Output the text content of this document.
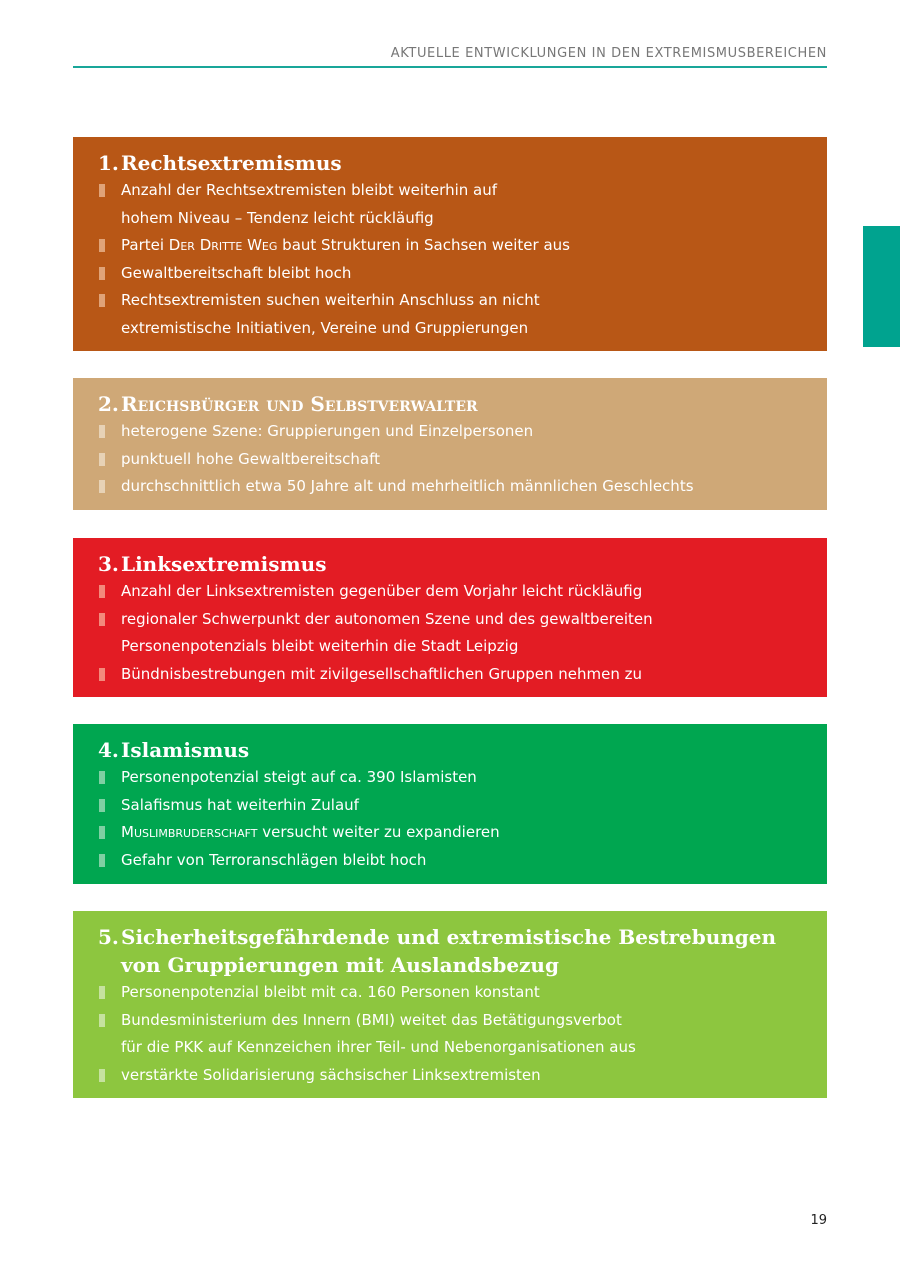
AKTUELLE ENTWICKLUNGEN IN DEN EXTREMISMUSBEREICHEN
1. Rechtsextremismus
Anzahl der Rechtsextremisten bleibt weiterhin auf
hohem Niveau – Tendenz leicht rückläufig
Partei Der Dritte Weg baut Strukturen in Sachsen weiter aus
Gewaltbereitschaft bleibt hoch
Rechtsextremisten suchen weiterhin Anschluss an nicht
extremistische Initiativen, Vereine und Gruppierungen
2. Reichsbürger und Selbstverwalter
heterogene Szene: Gruppierungen und Einzelpersonen
punktuell hohe Gewaltbereitschaft
durchschnittlich etwa 50 Jahre alt und mehrheitlich männlichen Geschlechts
3. Linksextremismus
Anzahl der Linksextremisten gegenüber dem Vorjahr leicht rückläufig
regionaler Schwerpunkt der autonomen Szene und des gewaltbereiten
Personenpotenzials bleibt weiterhin die Stadt Leipzig
Bündnisbestrebungen mit zivilgesellschaftlichen Gruppen nehmen zu
4. Islamismus
Personenpotenzial steigt auf ca. 390 Islamisten
Salafismus hat weiterhin Zulauf
Muslimbruderschaft versucht weiter zu expandieren
Gefahr von Terroranschlägen bleibt hoch
5. Sicherheitsgefährdende und extremistische Bestrebungen
von Gruppierungen mit Auslandsbezug
Personenpotenzial bleibt mit ca. 160 Personen konstant
Bundesministerium des Innern (BMI) weitet das Betätigungsverbot
für die PKK auf Kennzeichen ihrer Teil- und Nebenorganisationen aus
verstärkte Solidarisierung sächsischer Linksextremisten
19
